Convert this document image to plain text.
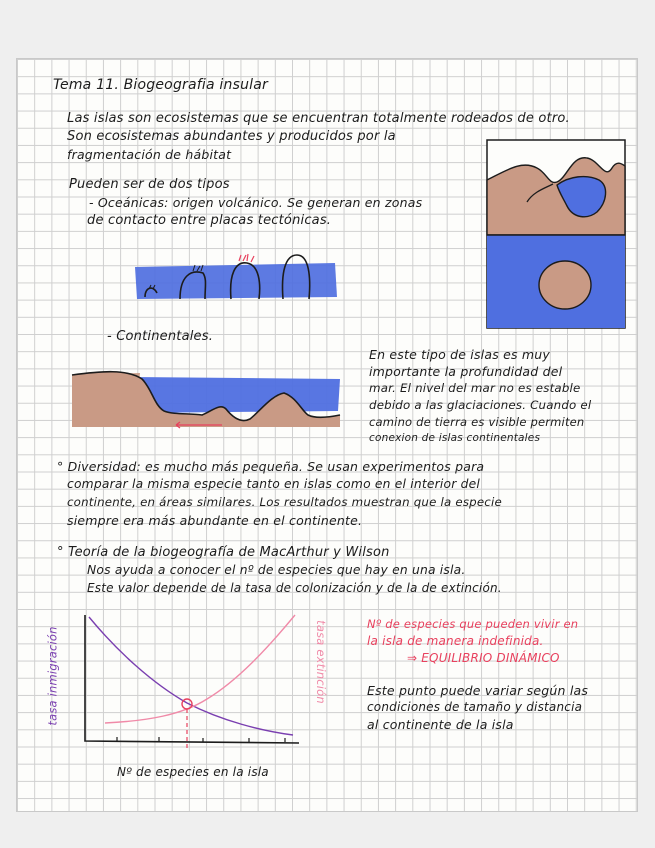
Tema 11. Biogeografia insular
Las islas son ecosistemas que se encuentran totalmente rodeados de otro.
Son ecosistemas abundantes y producidos por la
fragmentación de hábitat
Pueden ser de dos tipos
- Oceánicas: origen volcánico. Se generan en zonas
de contacto entre placas tectónicas.
- Continentales.
En este tipo de islas es muy
importante la profundidad del
mar. El nivel del mar no es estable
debido a las glaciaciones. Cuando el
camino de tierra es visible permiten
conexion de islas continentales
° Diversidad: es mucho más pequeña. Se usan experimentos para
comparar la misma especie tanto en islas como en el interior del
continente, en áreas similares. Los resultados muestran que la especie
siempre era más abundante en el continente.
° Teoría de la biogeografía de MacArthur y Wilson
Nos ayuda a conocer el nº de especies que hay en una isla.
Este valor depende de la tasa de colonización y de la de extinción.
tasa inmigración	tasa extinción
Nº de especies en la isla
Nº de especies que pueden vivir en
la isla de manera indefinida.
⇒ EQUILIBRIO DINÁMICO
Este punto puede variar según las
condiciones de tamaño y distancia
al continente de la isla
